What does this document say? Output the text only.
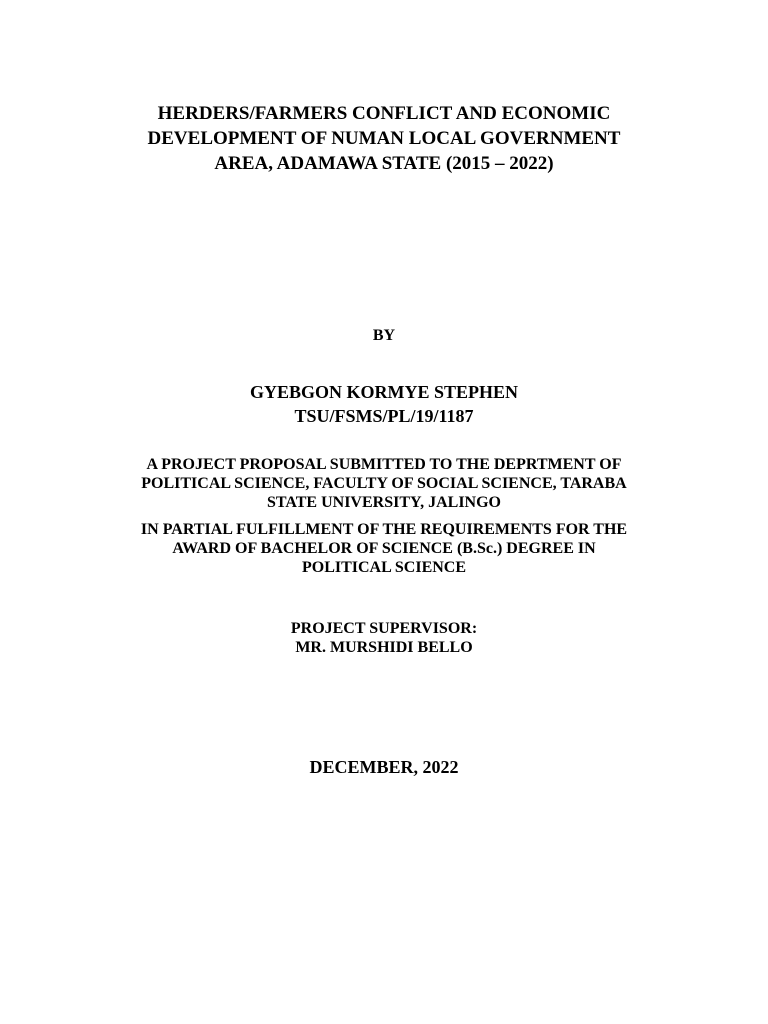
HERDERS/FARMERS CONFLICT AND ECONOMIC
DEVELOPMENT OF NUMAN LOCAL GOVERNMENT
AREA, ADAMAWA STATE (2015 – 2022)
BY
GYEBGON KORMYE STEPHEN
TSU/FSMS/PL/19/1187
A PROJECT PROPOSAL SUBMITTED TO THE DEPRTMENT OF
POLITICAL SCIENCE, FACULTY OF SOCIAL SCIENCE, TARABA
STATE UNIVERSITY, JALINGO
IN PARTIAL FULFILLMENT OF THE REQUIREMENTS FOR THE
AWARD OF BACHELOR OF SCIENCE (B.Sc.) DEGREE IN
POLITICAL SCIENCE
PROJECT SUPERVISOR:
MR. MURSHIDI BELLO
DECEMBER, 2022
